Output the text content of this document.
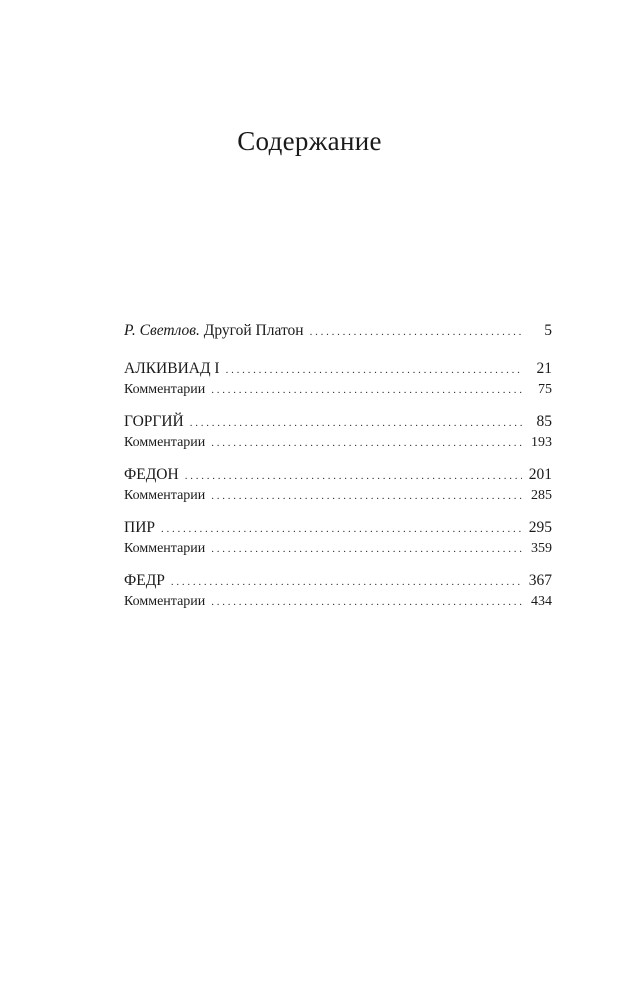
Содержание
Р. Светлов. Другой Платон . . .	5
АЛКИВИАД I . . .	21
Комментарии . . .	75
ГОРГИЙ . . .	85
Комментарии . . .	193
ФЕДОН . . .	201
Комментарии . . .	285
ПИР . . .	295
Комментарии . . .	359
ФЕДР . . .	367
Комментарии . . .	434
